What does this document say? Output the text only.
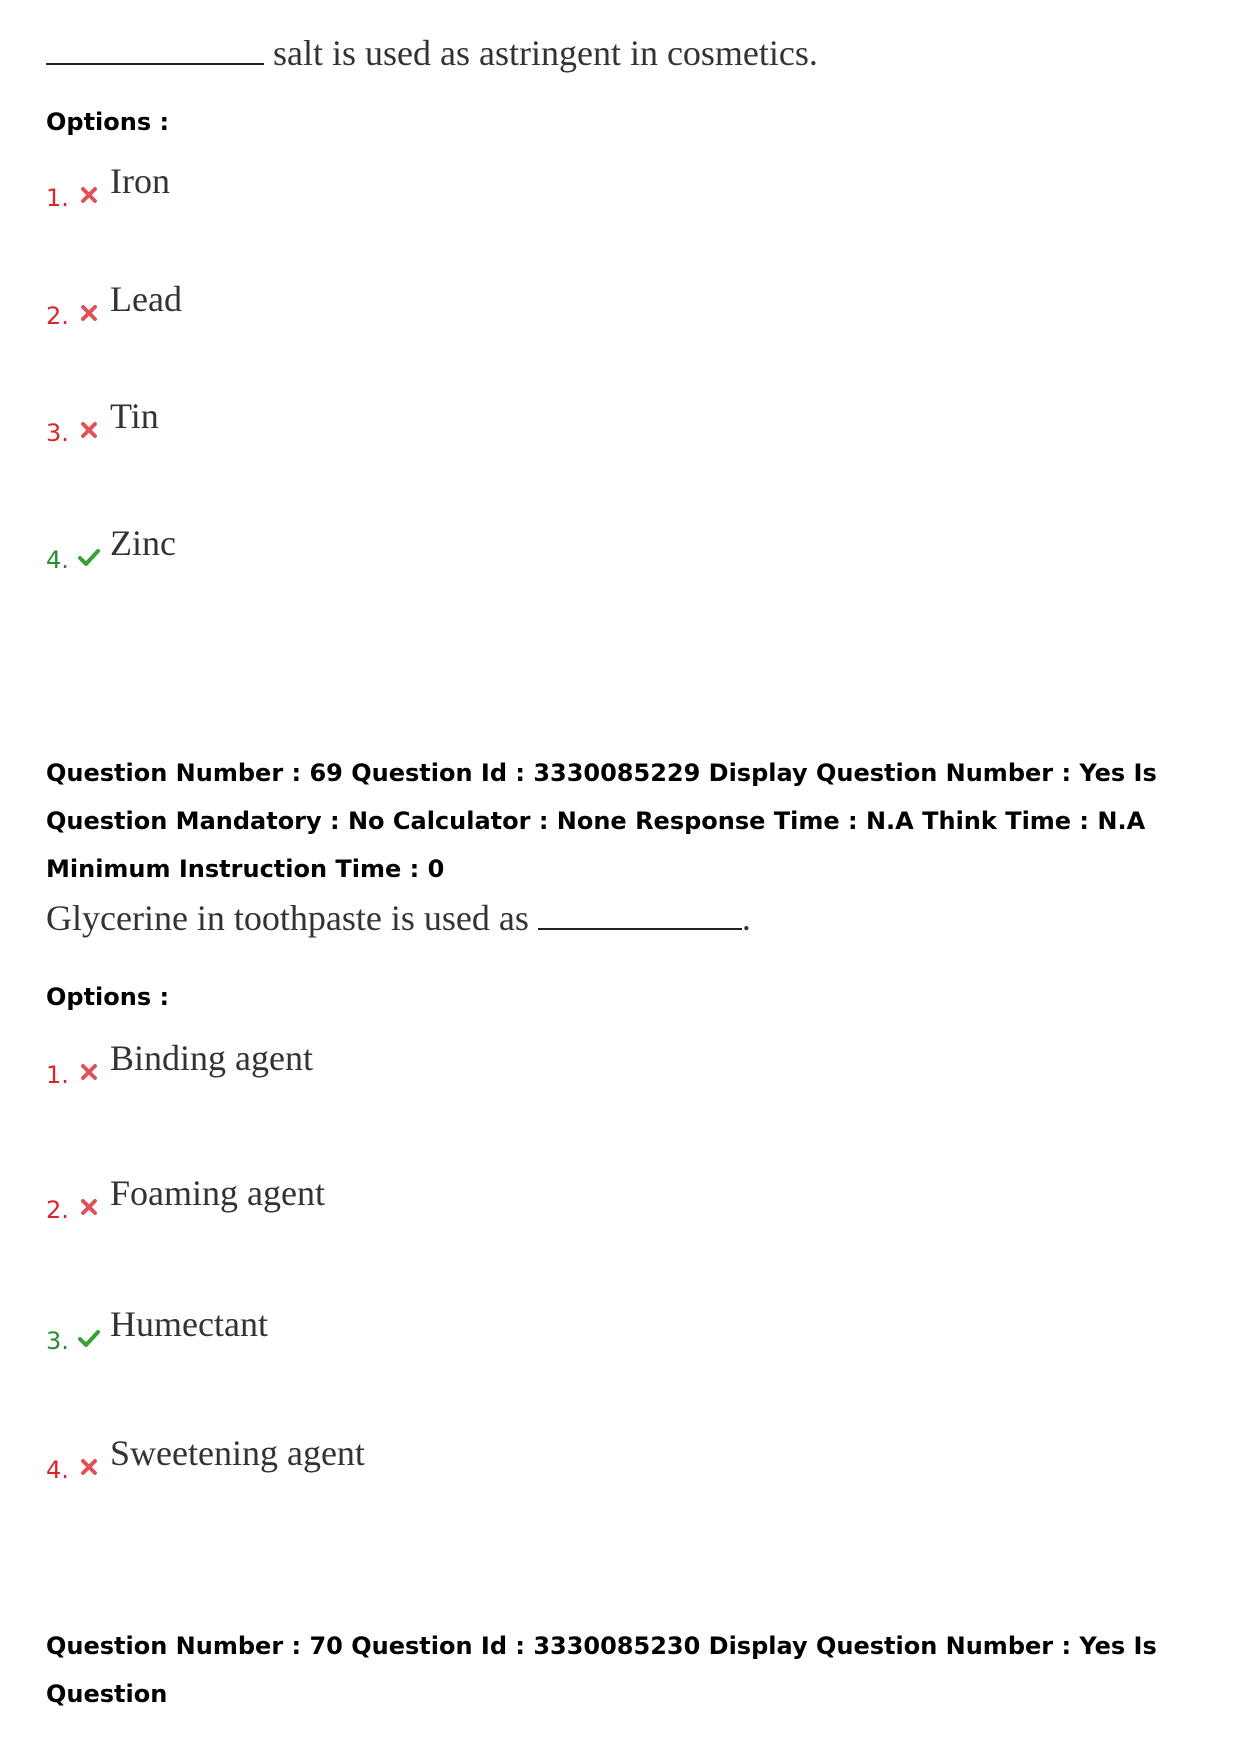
salt is used as astringent in cosmetics.
Options :
1. Iron
2. Lead
3. Tin
4. Zinc
Question Number : 69 Question Id : 3330085229 Display Question Number : Yes Is Question Mandatory : No Calculator : None Response Time : N.A Think Time : N.A Minimum Instruction Time : 0
Glycerine in toothpaste is used as	.
Options :
1. Binding agent
2. Foaming agent
3. Humectant
4. Sweetening agent
Question Number : 70 Question Id : 3330085230 Display Question Number : Yes Is Question
